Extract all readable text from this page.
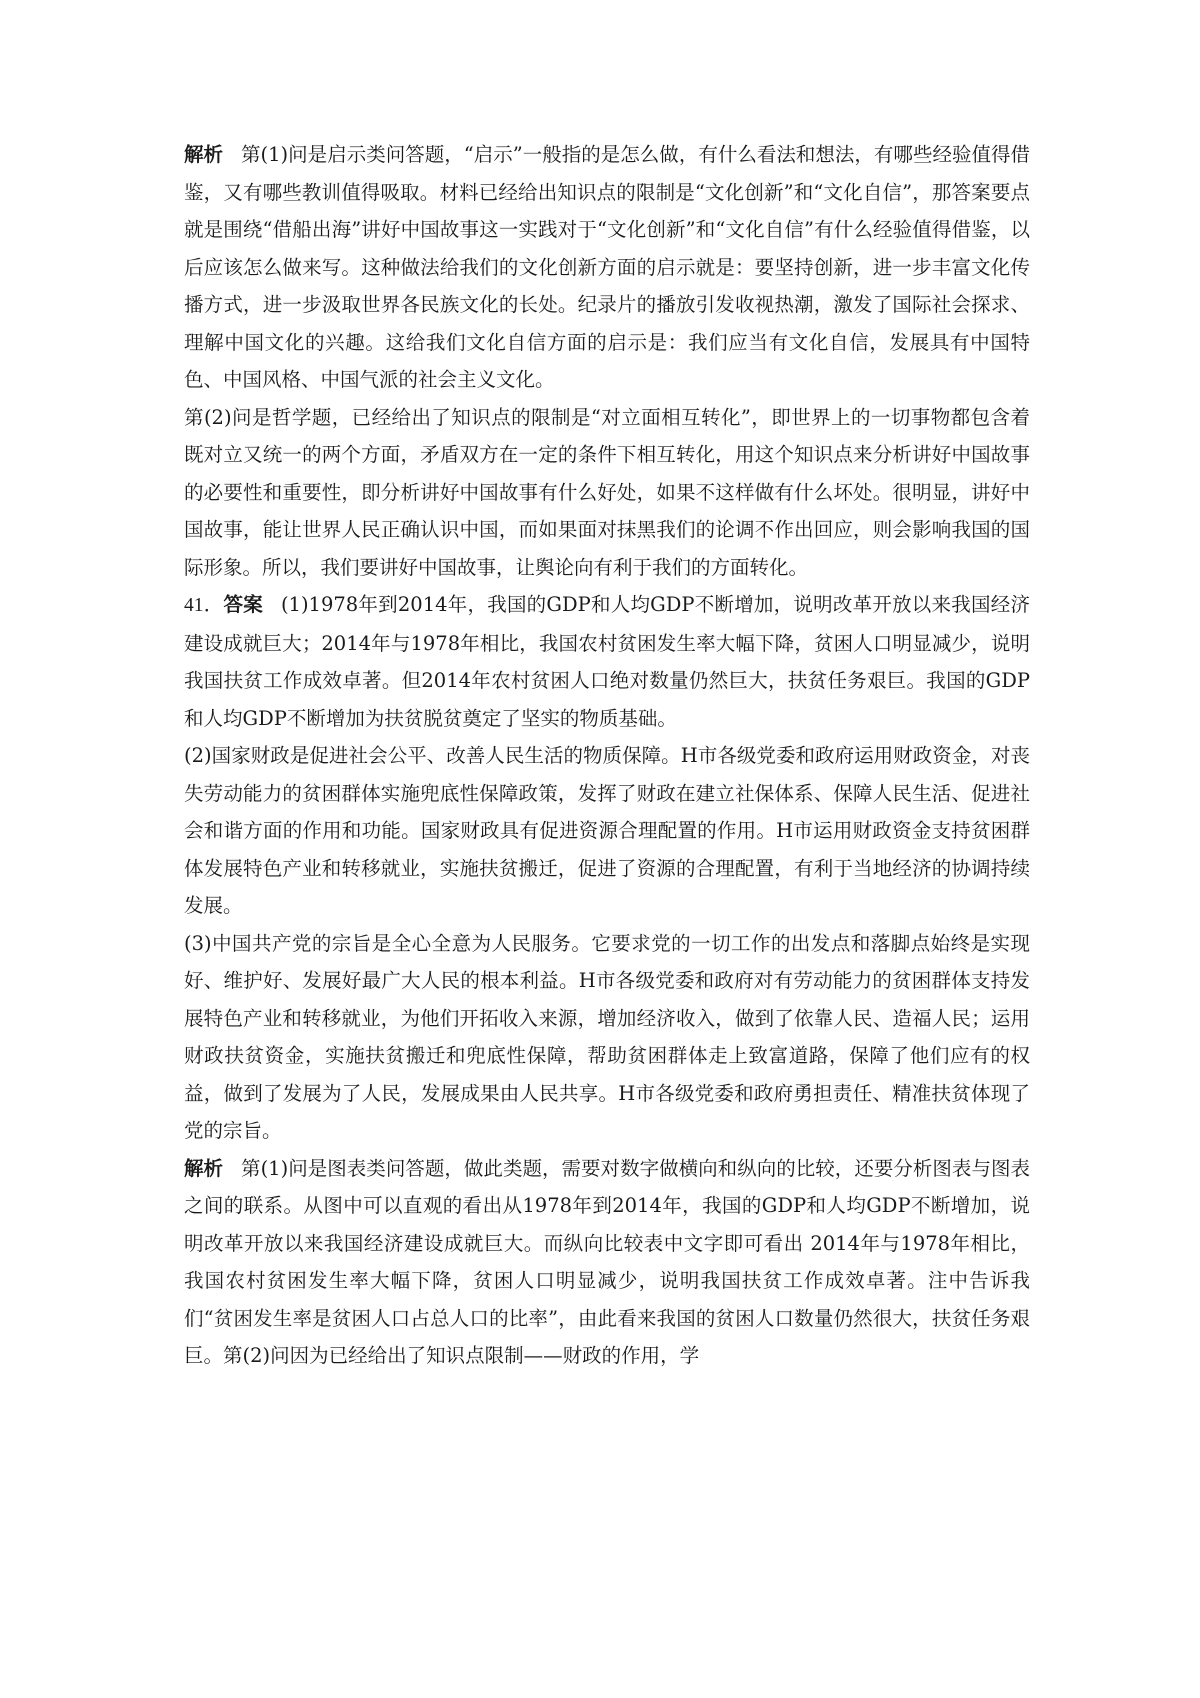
解析 第(1)问是启示类问答题，“启示”一般指的是怎么做，有什么看法和想法，有哪些经验值得借鉴，又有哪些教训值得吸取。材料已经给出知识点的限制是“文化创新”和“文化自信”，那答案要点就是围绕“借船出海”讲好中国故事这一实践对于“文化创新”和“文化自信”有什么经验值得借鉴，以后应该怎么做来写。这种做法给我们的文化创新方面的启示就是：要坚持创新，进一步丰富文化传播方式，进一步汲取世界各民族文化的长处。纪录片的播放引发收视热潮，激发了国际社会探求、理解中国文化的兴趣。这给我们文化自信方面的启示是：我们应当有文化自信，发展具有中国特色、中国风格、中国气派的社会主义文化。

第(2)问是哲学题，已经给出了知识点的限制是“对立面相互转化”，即世界上的一切事物都包含着既对立又统一的两个方面，矛盾双方在一定的条件下相互转化，用这个知识点来分析讲好中国故事的必要性和重要性，即分析讲好中国故事有什么好处，如果不这样做有什么坏处。很明显，讲好中国故事，能让世界人民正确认识中国，而如果面对抹黑我们的论调不作出回应，则会影响我国的国际形象。所以，我们要讲好中国故事，让舆论向有利于我们的方面转化。

41．答案 (1)1978年到2014年，我国的GDP和人均GDP不断增加，说明改革开放以来我国经济建设成就巨大；2014年与1978年相比，我国农村贫困发生率大幅下降，贫困人口明显减少，说明我国扶贫工作成效卓著。但2014年农村贫困人口绝对数量仍然巨大，扶贫任务艰巨。我国的GDP和人均GDP不断增加为扶贫脱贫奠定了坚实的物质基础。

(2)国家财政是促进社会公平、改善人民生活的物质保障。H市各级党委和政府运用财政资金，对丧失劳动能力的贫困群体实施兜底性保障政策，发挥了财政在建立社保体系、保障人民生活、促进社会和谐方面的作用和功能。国家财政具有促进资源合理配置的作用。H市运用财政资金支持贫困群体发展特色产业和转移就业，实施扶贫搬迁，促进了资源的合理配置，有利于当地经济的协调持续发展。

(3)中国共产党的宗旨是全心全意为人民服务。它要求党的一切工作的出发点和落脚点始终是实现好、维护好、发展好最广大人民的根本利益。H市各级党委和政府对有劳动能力的贫困群体支持发展特色产业和转移就业，为他们开拓收入来源，增加经济收入，做到了依靠人民、造福人民；运用财政扶贫资金，实施扶贫搬迁和兜底性保障，帮助贫困群体走上致富道路，保障了他们应有的权益，做到了发展为了人民，发展成果由人民共享。H市各级党委和政府勇担责任、精准扶贫体现了党的宗旨。

解析 第(1)问是图表类问答题，做此类题，需要对数字做横向和纵向的比较，还要分析图表与图表之间的联系。从图中可以直观的看出从1978年到2014年，我国的GDP和人均GDP不断增加，说明改革开放以来我国经济建设成就巨大。而纵向比较表中文字即可看出 2014年与1978年相比，我国农村贫困发生率大幅下降，贫困人口明显减少，说明我国扶贫工作成效卓著。注中告诉我们“贫困发生率是贫困人口占总人口的比率”，由此看来我国的贫困人口数量仍然很大，扶贫任务艰巨。第(2)问因为已经给出了知识点限制——财政的作用，学
